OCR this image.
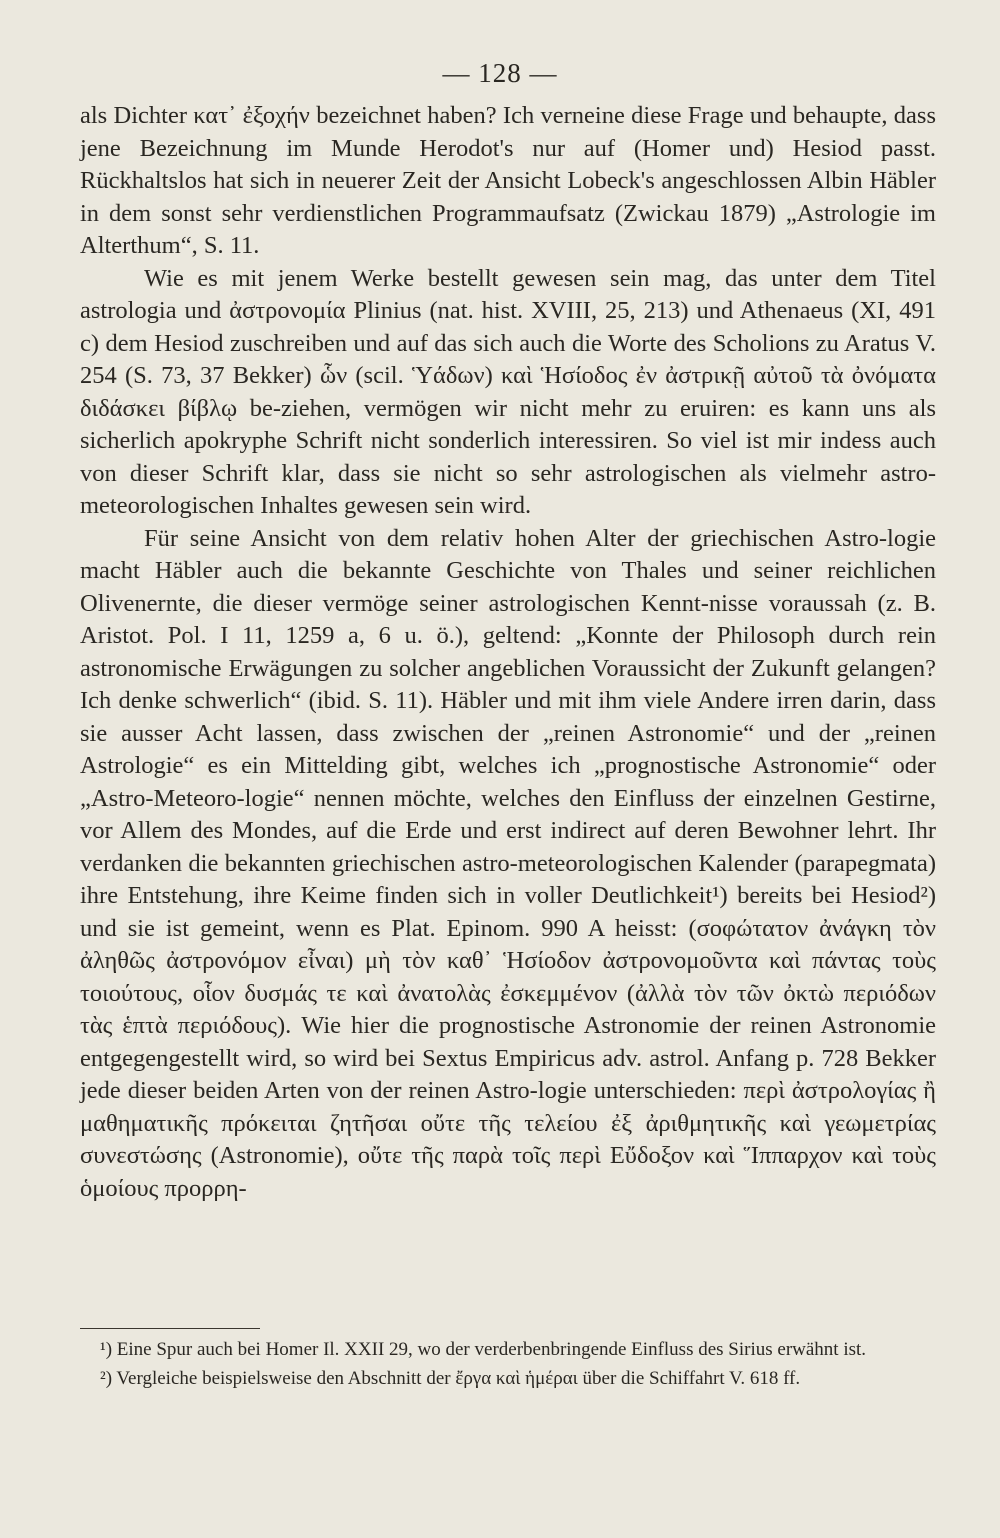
— 128 —

als Dichter κατ᾽ ἐξοχήν bezeichnet haben? Ich verneine diese Frage und behaupte, dass jene Bezeichnung im Munde Herodot's nur auf (Homer und) Hesiod passt. Rückhaltslos hat sich in neuerer Zeit der Ansicht Lobeck's angeschlossen Albin Häbler in dem sonst sehr verdienstlichen Programmaufsatz (Zwickau 1879) „Astrologie im Alterthum“, S. 11.

Wie es mit jenem Werke bestellt gewesen sein mag, das unter dem Titel astrologia und ἀστρονομία Plinius (nat. hist. XVIII, 25, 213) und Athenaeus (XI, 491 c) dem Hesiod zuschreiben und auf das sich auch die Worte des Scholions zu Aratus V. 254 (S. 73, 37 Bekker) ὧν (scil. Ὑάδων) καὶ Ἡσίοδος ἐν ἀστρικῇ αὐτοῦ τὰ ὀνόματα διδάσκει βίβλῳ be-ziehen, vermögen wir nicht mehr zu eruiren: es kann uns als sicherlich apokryphe Schrift nicht sonderlich interessiren. So viel ist mir indess auch von dieser Schrift klar, dass sie nicht so sehr astrologischen als vielmehr astro-meteorologischen Inhaltes gewesen sein wird.

Für seine Ansicht von dem relativ hohen Alter der griechischen Astro-logie macht Häbler auch die bekannte Geschichte von Thales und seiner reichlichen Olivenernte, die dieser vermöge seiner astrologischen Kennt-nisse voraussah (z. B. Aristot. Pol. I 11, 1259 a, 6 u. ö.), geltend: „Konnte der Philosoph durch rein astronomische Erwägungen zu solcher angeblichen Voraussicht der Zukunft gelangen? Ich denke schwerlich“ (ibid. S. 11). Häbler und mit ihm viele Andere irren darin, dass sie ausser Acht lassen, dass zwischen der „reinen Astronomie“ und der „reinen Astrologie“ es ein Mittelding gibt, welches ich „prognostische Astronomie“ oder „Astro-Meteoro-logie“ nennen möchte, welches den Einfluss der einzelnen Gestirne, vor Allem des Mondes, auf die Erde und erst indirect auf deren Bewohner lehrt. Ihr verdanken die bekannten griechischen astro-meteorologischen Kalender (parapegmata) ihre Entstehung, ihre Keime finden sich in voller Deutlichkeit¹) bereits bei Hesiod²) und sie ist gemeint, wenn es Plat. Epinom. 990 A heisst: (σοφώτατον ἀνάγκη τὸν ἀληθῶς ἀστρονόμον εἶναι) μὴ τὸν καθ᾽ Ἡσίοδον ἀστρονομοῦντα καὶ πάντας τοὺς τοιούτους, οἷον δυσμάς τε καὶ ἀνατολὰς ἐσκεμμένον (ἀλλὰ τὸν τῶν ὀκτὼ περιόδων τὰς ἑπτὰ περιόδους). Wie hier die prognostische Astronomie der reinen Astronomie entgegengestellt wird, so wird bei Sextus Empiricus adv. astrol. Anfang p. 728 Bekker jede dieser beiden Arten von der reinen Astro-logie unterschieden: περὶ ἀστρολογίας ἢ μαθηματικῆς πρόκειται ζητῆσαι οὔτε τῆς τελείου ἐξ ἀριθμητικῆς καὶ γεωμετρίας συνεστώσης (Astronomie), οὔτε τῆς παρὰ τοῖς περὶ Εὔδοξον καὶ Ἵππαρχον καὶ τοὺς ὁμοίους προρρη-

¹) Eine Spur auch bei Homer Il. XXII 29, wo der verderbenbringende Einfluss des Sirius erwähnt ist.

²) Vergleiche beispielsweise den Abschnitt der ἔργα καὶ ἡμέραι über die Schiffahrt V. 618 ff.
